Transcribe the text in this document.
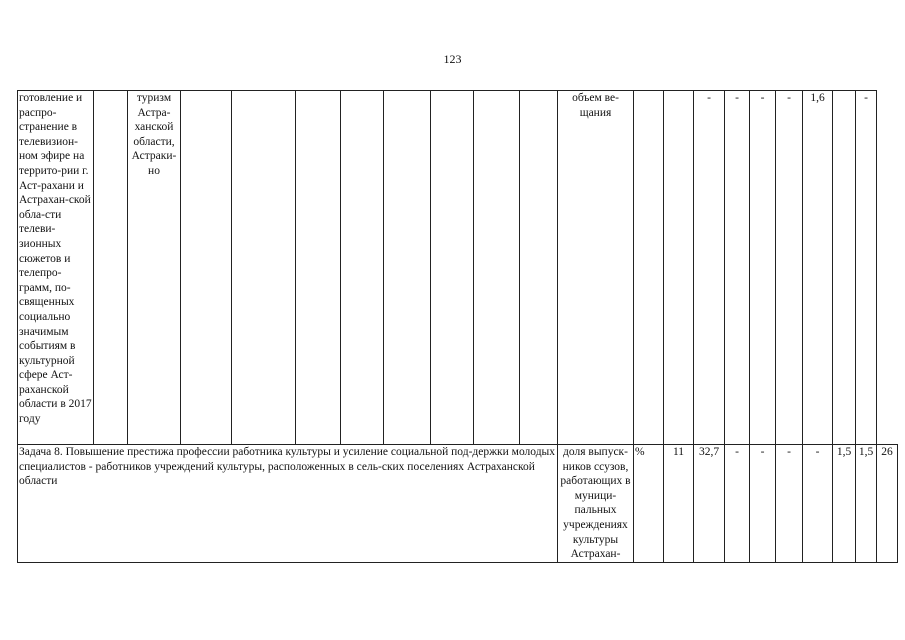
123
готовление и распро-странение в телевизион-ном эфире на террито-рии г. Аст-рахани и Астрахан-ской обла-сти телеви-зионных сюжетов и телепро-грамм, по-священных социально значимым событиям в культурной сфере Аст-раханской области в 2017 году		туризм Астра-ханской области, Астраки-но									объем ве-щания			-	-	-	-	1,6		-	
Задача 8. Повышение престижа профессии работника культуры и усиление социальной под-держки молодых специалистов - работников учреждений культуры, расположенных в сель-ских поселениях Астраханской области											доля выпуск-ников ссузов, работающих в муници-пальных учреждениях культуры Астрахан-	%	11	32,7	-	-	-	-	1,5	1,5	26
